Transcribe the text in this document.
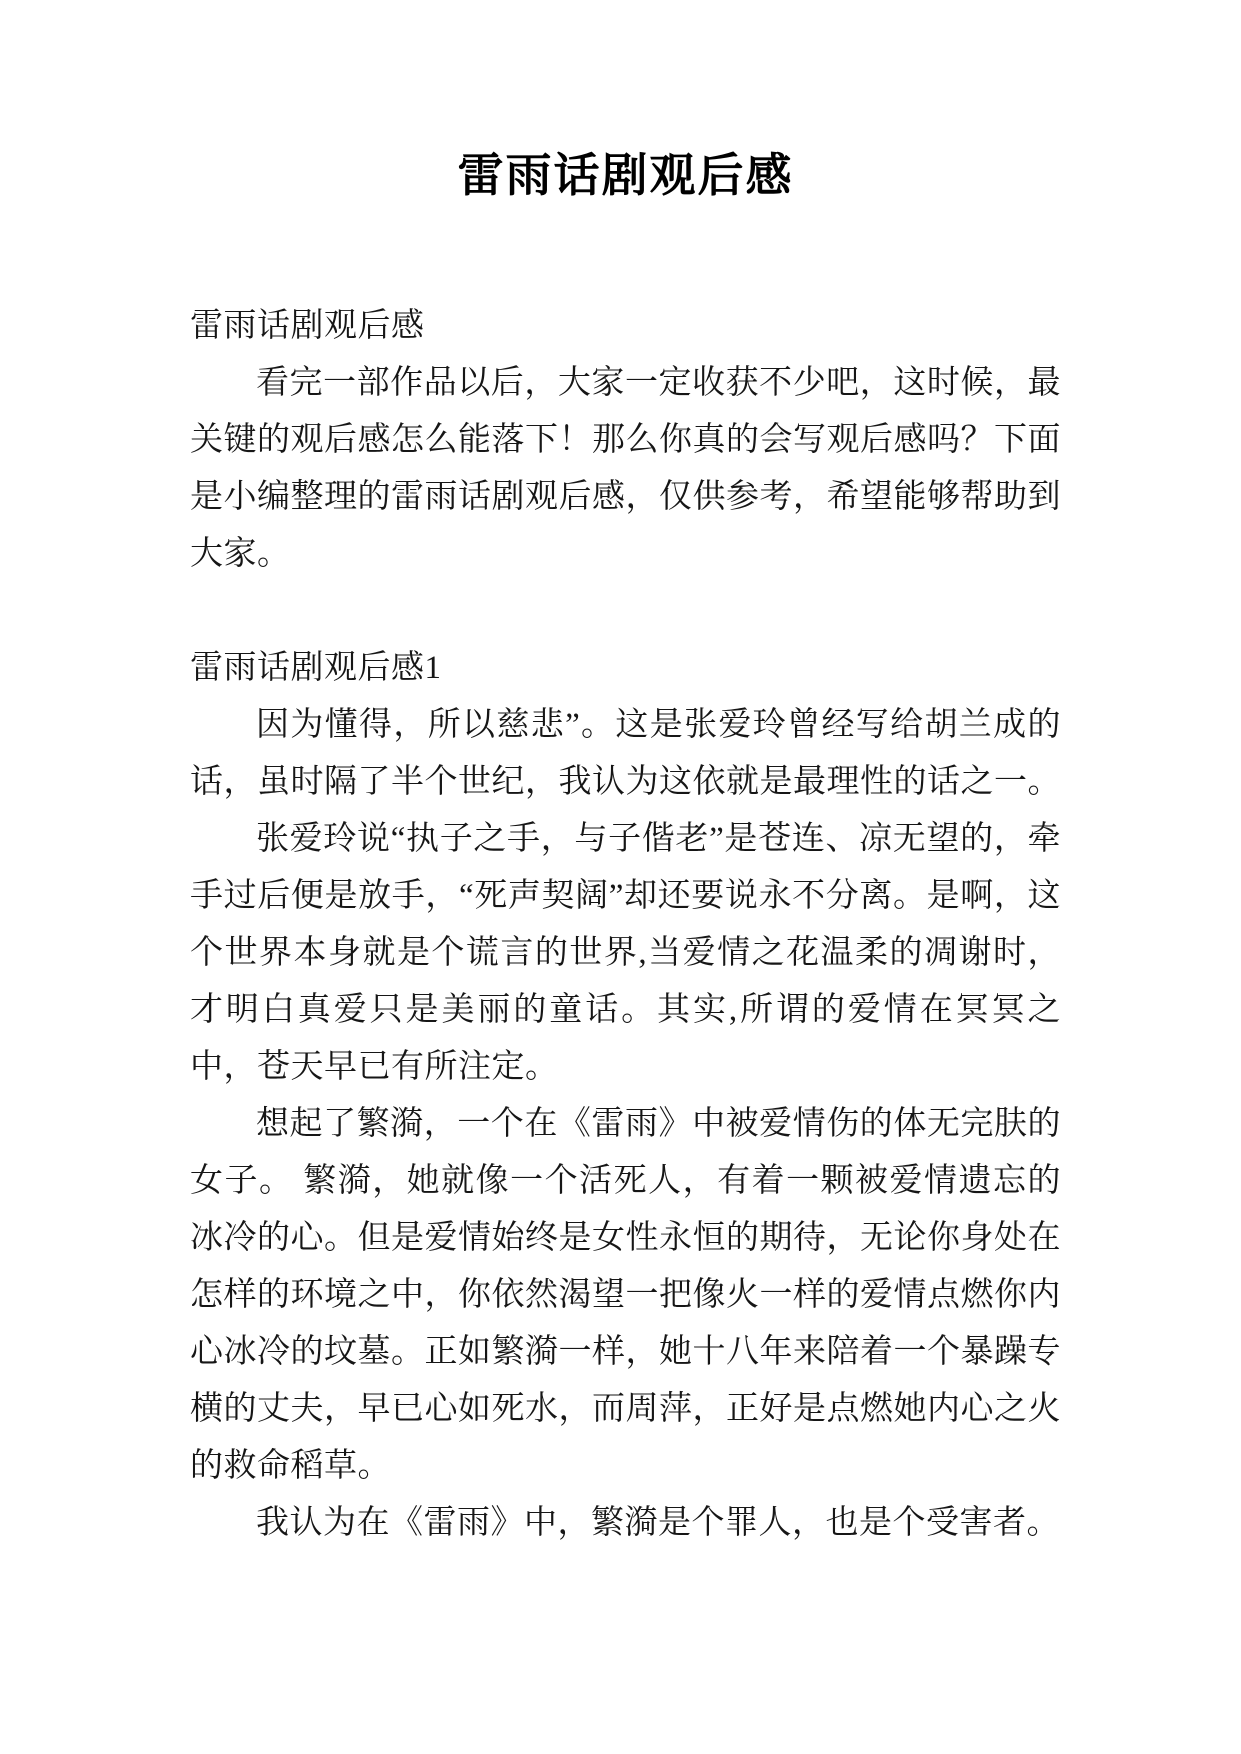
雷雨话剧观后感

雷雨话剧观后感

看完一部作品以后，大家一定收获不少吧，这时候，最关键的观后感怎么能落下！那么你真的会写观后感吗？下面是小编整理的雷雨话剧观后感，仅供参考，希望能够帮助到大家。

雷雨话剧观后感1

因为懂得，所以慈悲”。这是张爱玲曾经写给胡兰成的话，虽时隔了半个世纪，我认为这依就是最理性的话之一。

张爱玲说“执子之手，与子偕老”是苍连、凉无望的，牵手过后便是放手，“死声契阔”却还要说永不分离。是啊，这个世界本身就是个谎言的世界,当爱情之花温柔的凋谢时，才明白真爱只是美丽的童话。其实,所谓的爱情在冥冥之中，苍天早已有所注定。

想起了繁漪，一个在《雷雨》中被爱情伤的体无完肤的女子。 繁漪，她就像一个活死人，有着一颗被爱情遗忘的冰冷的心。但是爱情始终是女性永恒的期待，无论你身处在怎样的环境之中，你依然渴望一把像火一样的爱情点燃你内心冰冷的坟墓。正如繁漪一样，她十八年来陪着一个暴躁专横的丈夫，早已心如死水，而周萍，正好是点燃她内心之火的救命稻草。

我认为在《雷雨》中，繁漪是个罪人，也是个受害者。
